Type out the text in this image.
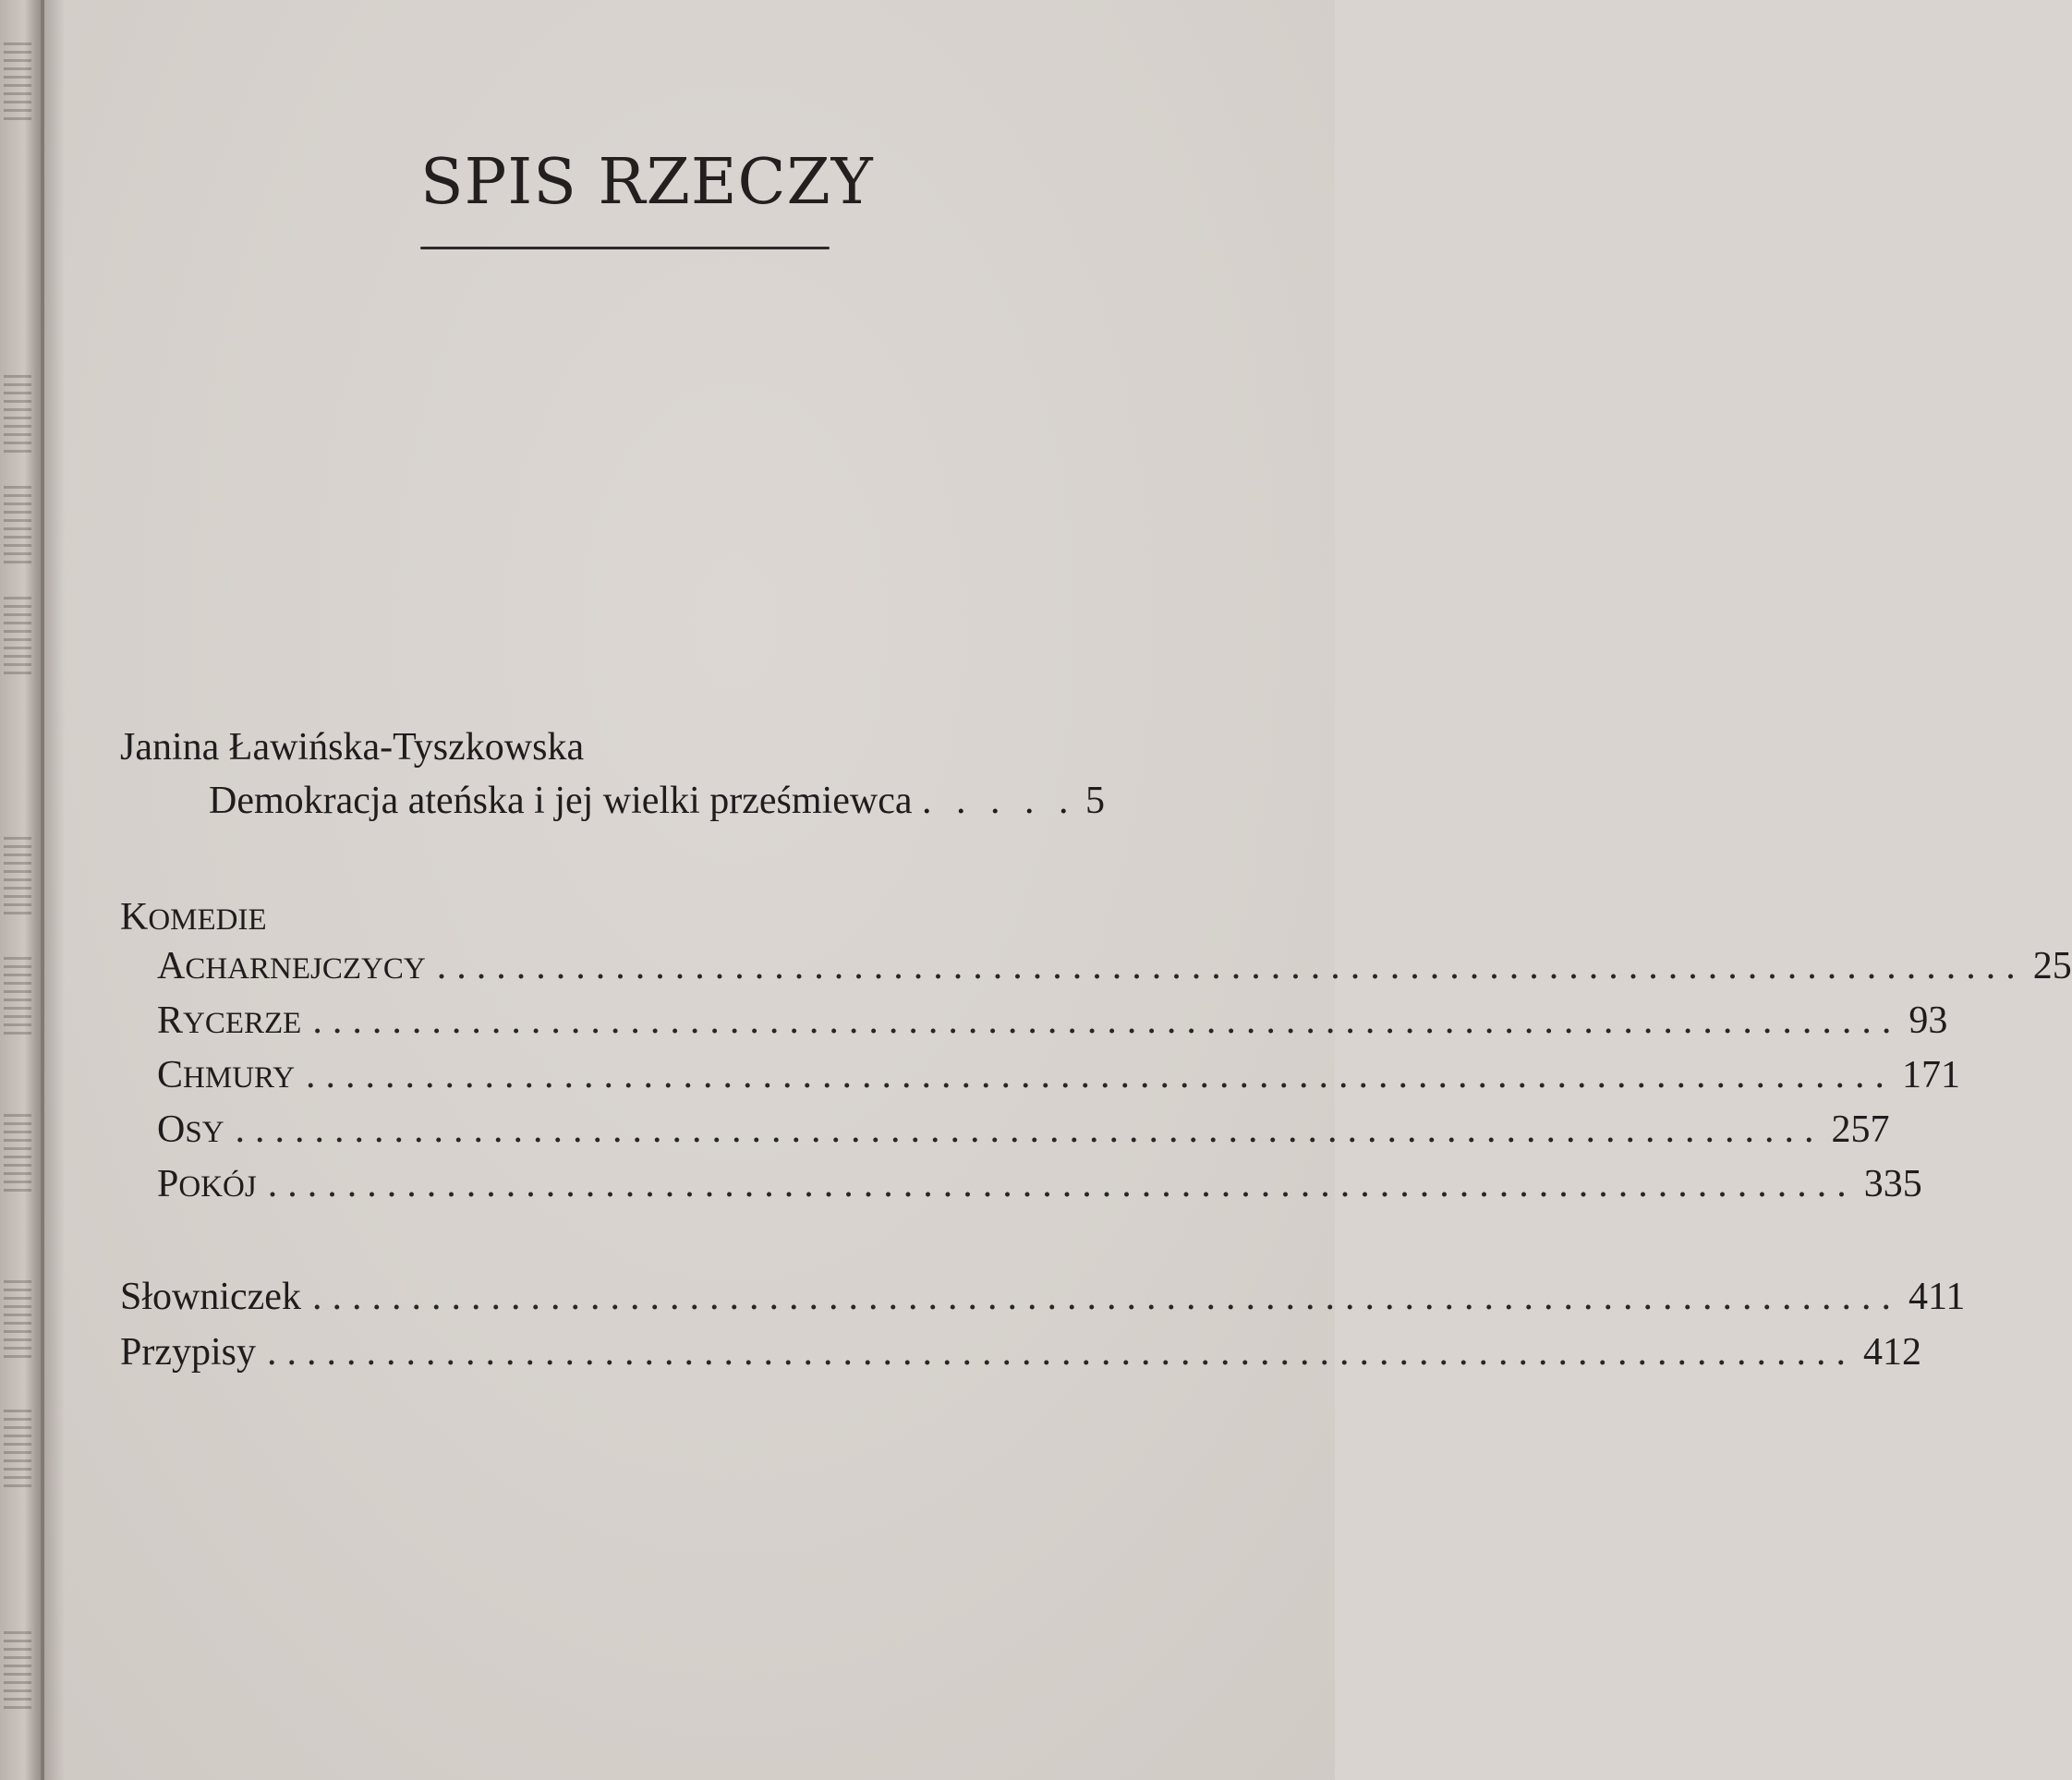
SPIS RZECZY
Janina Ławińska-Tyszkowska
Demokracja ateńska i jej wielki prześmiewca . . . . . 5
KOMEDIE
ACHARNEJCZYCY ................................................................................ 25
RYCERZE ................................................................................ 93
CHMURY ................................................................................ 171
OSY ................................................................................ 257
POKÓJ ................................................................................ 335
Słowniczek ................................................................................ 411
Przypisy ................................................................................ 412
